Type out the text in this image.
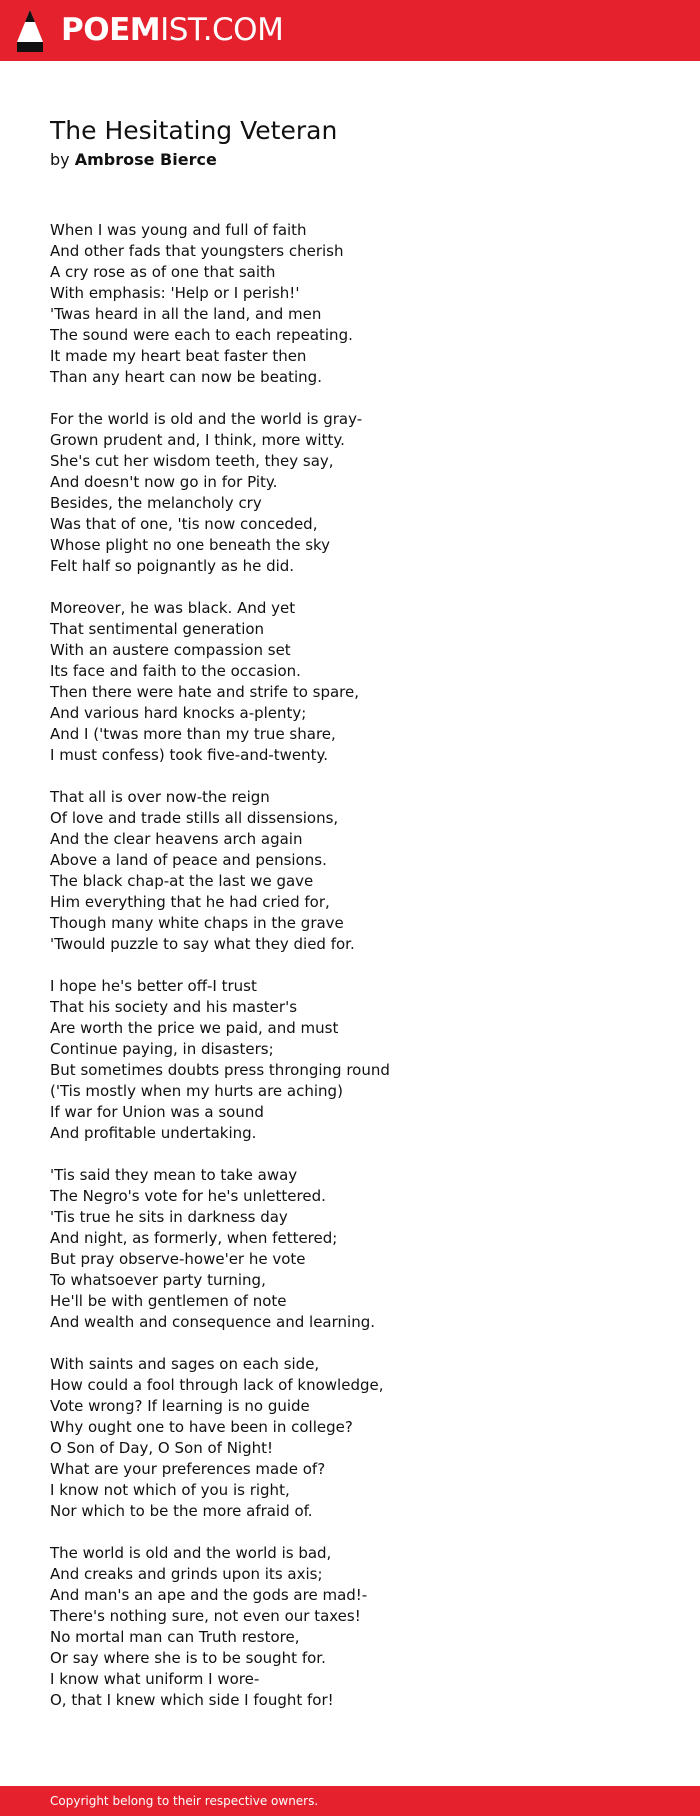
POEMIST.COM
The Hesitating Veteran

by Ambrose Bierce

When I was young and full of faith
And other fads that youngsters cherish
A cry rose as of one that saith
With emphasis: 'Help or I perish!'
'Twas heard in all the land, and men
The sound were each to each repeating.
It made my heart beat faster then
Than any heart can now be beating.
For the world is old and the world is gray-
Grown prudent and, I think, more witty.
She's cut her wisdom teeth, they say,
And doesn't now go in for Pity.
Besides, the melancholy cry
Was that of one, 'tis now conceded,
Whose plight no one beneath the sky
Felt half so poignantly as he did.
Moreover, he was black. And yet
That sentimental generation
With an austere compassion set
Its face and faith to the occasion.
Then there were hate and strife to spare,
And various hard knocks a-plenty;
And I ('twas more than my true share,
I must confess) took five-and-twenty.
That all is over now-the reign
Of love and trade stills all dissensions,
And the clear heavens arch again
Above a land of peace and pensions.
The black chap-at the last we gave
Him everything that he had cried for,
Though many white chaps in the grave
'Twould puzzle to say what they died for.
I hope he's better off-I trust
That his society and his master's
Are worth the price we paid, and must
Continue paying, in disasters;
But sometimes doubts press thronging round
('Tis mostly when my hurts are aching)
If war for Union was a sound
And profitable undertaking.
'Tis said they mean to take away
The Negro's vote for he's unlettered.
'Tis true he sits in darkness day
And night, as formerly, when fettered;
But pray observe-howe'er he vote
To whatsoever party turning,
He'll be with gentlemen of note
And wealth and consequence and learning.
With saints and sages on each side,
How could a fool through lack of knowledge,
Vote wrong? If learning is no guide
Why ought one to have been in college?
O Son of Day, O Son of Night!
What are your preferences made of?
I know not which of you is right,
Nor which to be the more afraid of.
The world is old and the world is bad,
And creaks and grinds upon its axis;
And man's an ape and the gods are mad!-
There's nothing sure, not even our taxes!
No mortal man can Truth restore,
Or say where she is to be sought for.
I know what uniform I wore-
O, that I knew which side I fought for!
Copyright belong to their respective owners.
